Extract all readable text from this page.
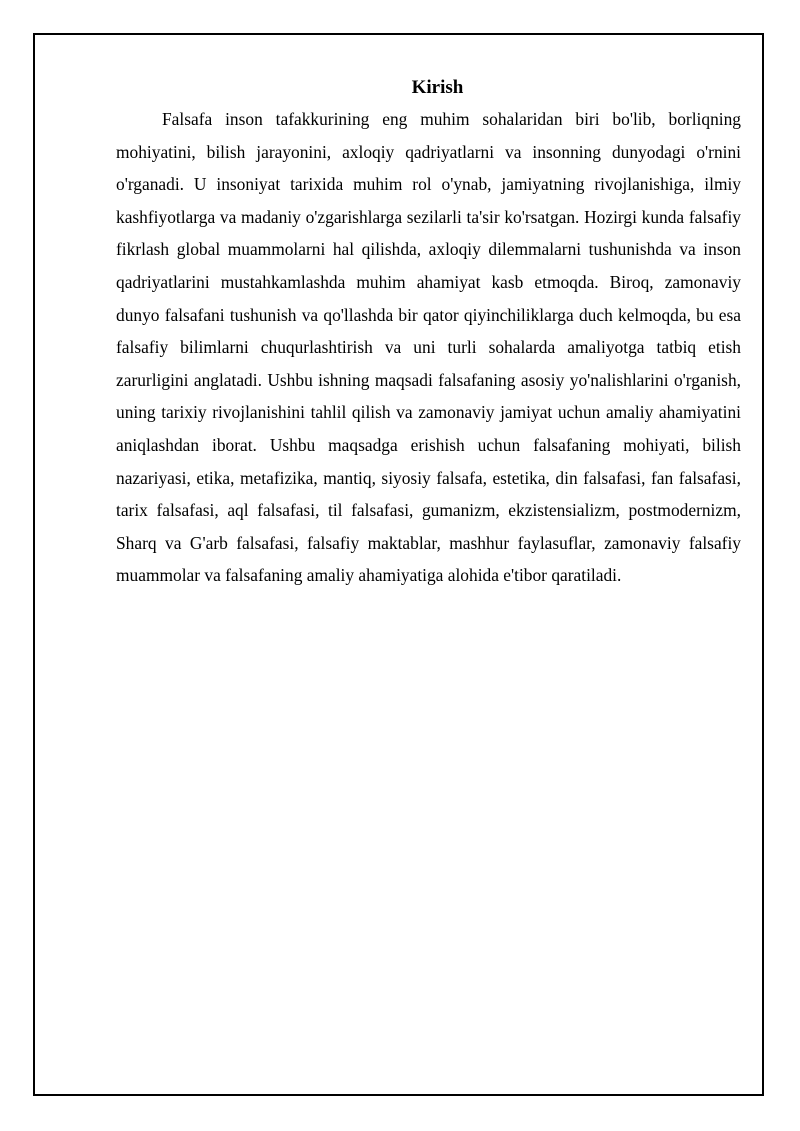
Kirish

Falsafa inson tafakkurining eng muhim sohalaridan biri bo'lib, borliqning mohiyatini, bilish jarayonini, axloqiy qadriyatlarni va insonning dunyodagi o'rnini o'rganadi. U insoniyat tarixida muhim rol o'ynab, jamiyatning rivojlanishiga, ilmiy kashfiyotlarga va madaniy o'zgarishlarga sezilarli ta'sir ko'rsatgan. Hozirgi kunda falsafiy fikrlash global muammolarni hal qilishda, axloqiy dilemmalarni tushunishda va inson qadriyatlarini mustahkamlashda muhim ahamiyat kasb etmoqda. Biroq, zamonaviy dunyo falsafani tushunish va qo'llashda bir qator qiyinchiliklarga duch kelmoqda, bu esa falsafiy bilimlarni chuqurlashtirish va uni turli sohalarda amaliyotga tatbiq etish zarurligini anglatadi. Ushbu ishning maqsadi falsafaning asosiy yo'nalishlarini o'rganish, uning tarixiy rivojlanishini tahlil qilish va zamonaviy jamiyat uchun amaliy ahamiyatini aniqlashdan iborat. Ushbu maqsadga erishish uchun falsafaning mohiyati, bilish nazariyasi, etika, metafizika, mantiq, siyosiy falsafa, estetika, din falsafasi, fan falsafasi, tarix falsafasi, aql falsafasi, til falsafasi, gumanizm, ekzistensializm, postmodernizm, Sharq va G'arb falsafasi, falsafiy maktablar, mashhur faylasuflar, zamonaviy falsafiy muammolar va falsafaning amaliy ahamiyatiga alohida e'tibor qaratiladi.
